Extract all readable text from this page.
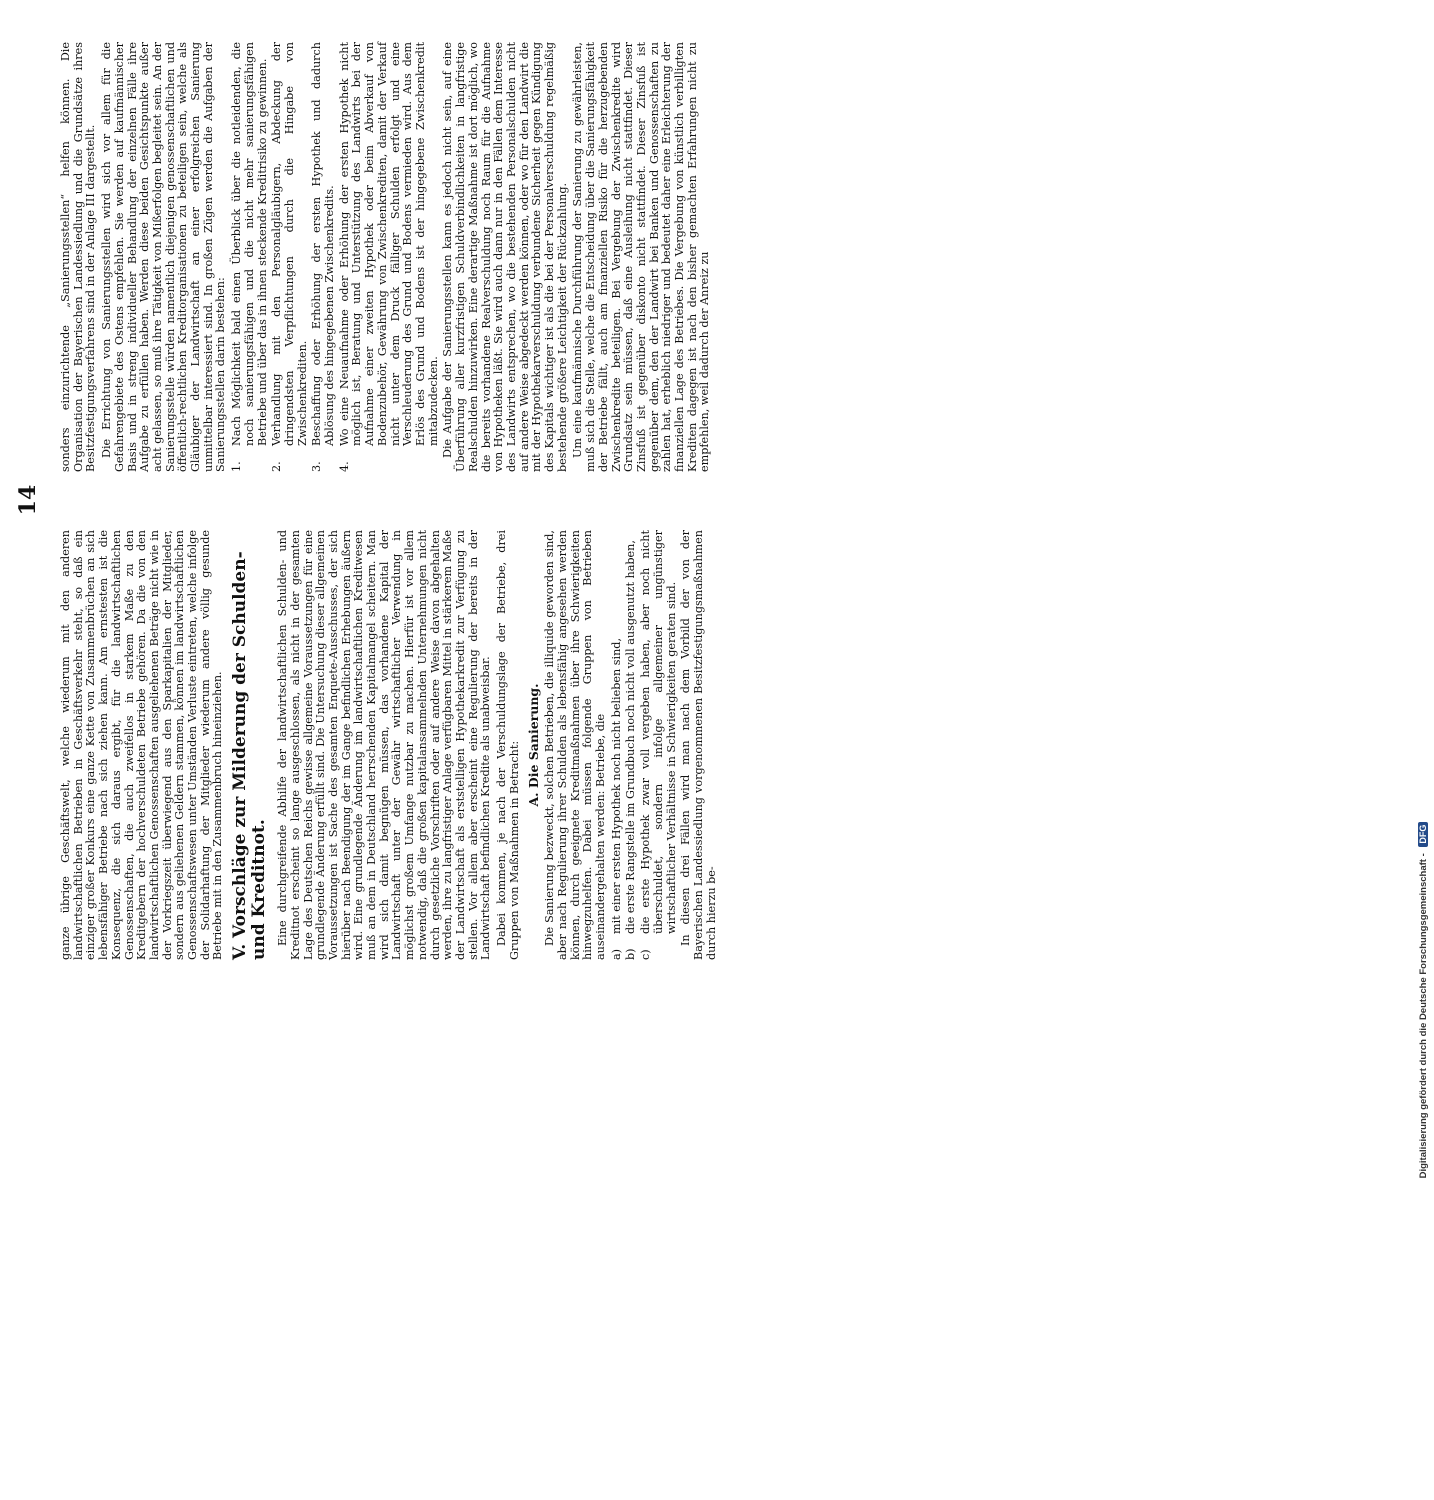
14

ganze übrige Geschäftswelt, welche wiederum mit den anderen landwirtschaftlichen Betrieben in Geschäftsverkehr steht, so daß ein einziger großer Konkurs eine ganze Kette von Zusammenbrüchen an sich lebensfähiger Betriebe nach sich ziehen kann. Am ernstesten ist die Konsequenz, die sich daraus ergibt, für die landwirtschaftlichen Genossenschaften, die auch zweifellos in starkem Maße zu den Kreditgebern der hochverschuldeten Betriebe gehören. Da die von den landwirtschaftlichen Genossenschaften ausgeliehenen Beträge nicht wie in der Vorkriegszeit überwiegend aus den Sparkapitalien der Mitglieder, sondern aus geliehenen Geldern stammen, können im landwirtschaftlichen Genossenschaftswesen unter Umständen Verluste eintreten, welche infolge der Solidarhaftung der Mitglieder wiederum andere völlig gesunde Betriebe mit in den Zusammenbruch hineinziehen. V. Vorschläge zur Milderung der Schulden- und Kreditnot. Eine durchgreifende Abhilfe der landwirtschaftlichen Schulden- und Kreditnot erscheint so lange ausgeschlossen, als nicht in der gesamten Lage des Deutschen Reichs gewisse allgemeine Voraussetzungen für eine grundlegende Änderung erfüllt sind. Die Untersuchung dieser allgemeinen Voraussetzungen ist Sache des gesamten Enquete-Ausschusses, der sich hierüber nach Beendigung der im Gange befindlichen Erhebungen äußern wird. Eine grundlegende Änderung im landwirtschaftlichen Kreditwesen muß an dem in Deutschland herrschenden Kapitalmangel scheitern. Man wird sich damit begnügen müssen, das vorhandene Kapital der Landwirtschaft unter der Gewähr wirtschaftlicher Verwendung in möglichst großem Umfange nutzbar zu machen. Hierfür ist vor allem notwendig, daß die großen kapitalansammelnden Unternehmungen nicht durch gesetzliche Vorschriften oder auf andere Weise davon abgehalten werden, ihre zu langfristiger Anlage verfügbaren Mittel in stärkerem Maße der Landwirtschaft als erststelligen Hypothekarkredit zur Verfügung zu stellen. Vor allem aber erscheint eine Regulierung der bereits in der Landwirtschaft befindlichen Kredite als unabweisbar. Dabei kommen, je nach der Verschuldungslage der Betriebe, drei Gruppen von Maßnahmen in Betracht: A. Die Sanierung. Die Sanierung bezweckt, solchen Betrieben, die illiquide geworden sind, aber nach Regulierung ihrer Schulden als lebensfähig angesehen werden können, durch geeignete Kreditmaßnahmen über ihre Schwierigkeiten hinwegzuhelfen. Dabei müssen folgende Gruppen von Betrieben auseinandergehalten werden: Betriebe, die a)
mit einer ersten Hypothek noch nicht belieben sind,
b)
die erste Rangstelle im Grundbuch noch nicht voll ausgenutzt haben,
c)
die erste Hypothek zwar voll vergeben haben, aber noch nicht überschuldet, sondern infolge allgemeiner ungünstiger wirtschaftlicher Verhältnisse in Schwierigkeiten geraten sind. In diesen drei Fällen wird man nach dem Vorbild der von der Bayerischen Landessiedlung vorgenommenen Besitzfestigungsmaßnahmen durch hierzu be-

sonders einzurichtende „Sanierungsstellen“ helfen können. Die Organisation der Bayerischen Landessiedlung und die Grundsätze ihres Besitzfestigungsverfahrens sind in der Anlage III dargestellt. Die Errichtung von Sanierungsstellen wird sich vor allem für die Gefahrengebiete des Ostens empfehlen. Sie werden auf kaufmännischer Basis und in streng individueller Behandlung der einzelnen Fälle ihre Aufgabe zu erfüllen haben. Werden diese beiden Gesichtspunkte außer acht gelassen, so muß ihre Tätigkeit von Mißerfolgen begleitet sein. An der Sanierungsstelle würden namentlich diejenigen genossenschaftlichen und öffentlich-rechtlichen Kreditorganisationen zu beteiligen sein, welche als Gläubiger der Landwirtschaft an einer erfolgreichen Sanierung unmittelbar interessiert sind. In großen Zügen werden die Aufgaben der Sanierungsstellen darin bestehen: 1.
Nach Möglichkeit bald einen Überblick über die notleidenden, die noch sanierungsfähigen und die nicht mehr sanierungsfähigen Betriebe und über das in ihnen steckende Kreditrisiko zu gewinnen.
2.
Verhandlung mit den Personalgläubigern, Abdeckung der dringendsten Verpflichtungen durch die Hingabe von Zwischenkrediten.
3.
Beschaffung oder Erhöhung der ersten Hypothek und dadurch Ablösung des hingegebenen Zwischenkredits.
4.
Wo eine Neuaufnahme oder Erhöhung der ersten Hypothek nicht möglich ist, Beratung und Unterstützung des Landwirts bei der Aufnahme einer zweiten Hypothek oder beim Abverkauf von Bodenzubehör, Gewährung von Zwischenkrediten, damit der Verkauf nicht unter dem Druck fälliger Schulden erfolgt und eine Verschleuderung des Grund und Bodens vermieden wird. Aus dem Erlös des Grund und Bodens ist der hingegebene Zwischenkredit mitabzudecken. Die Aufgabe der Sanierungsstellen kann es jedoch nicht sein, auf eine Überführung aller kurzfristigen Schuldverbindlichkeiten in langfristige Realschulden hinzuwirken. Eine derartige Maßnahme ist dort möglich, wo die bereits vorhandene Realverschuldung noch Raum für die Aufnahme von Hypotheken läßt. Sie wird auch dann nur in den Fällen dem Interesse des Landwirts entsprechen, wo die bestehenden Personalschulden nicht auf andere Weise abgedeckt werden können, oder wo für den Landwirt die mit der Hypothekarverschuldung verbundene Sicherheit gegen Kündigung des Kapitals wichtiger ist als die bei der Personalverschuldung regelmäßig bestehende größere Leichtigkeit der Rückzahlung. Um eine kaufmännische Durchführung der Sanierung zu gewährleisten, muß sich die Stelle, welche die Entscheidung über die Sanierungsfähigkeit der Betriebe fällt, auch am finanziellen Risiko für die herzugebenden Zwischenkredite beteiligen. Bei Vergebung der Zwischenkredite wird Grundsatz sein müssen, daß eine Ausleihung nicht stattfindet. Dieser Zinsfuß ist gegenüber diskonto nicht stattfindet. Dieser Zinsfuß ist gegenüber dem, den der Landwirt bei Banken und Genossenschaften zu zahlen hat, erheblich niedriger und bedeutet daher eine Erleichterung der finanziellen Lage des Betriebes. Die Vergebung von künstlich verbilligten Krediten dagegen ist nach den bisher gemachten Erfahrungen nicht zu empfehlen, weil dadurch der Anreiz zu

Digitalisierung gefördert durch die Deutsche Forschungsgemeinschaft - DFG
